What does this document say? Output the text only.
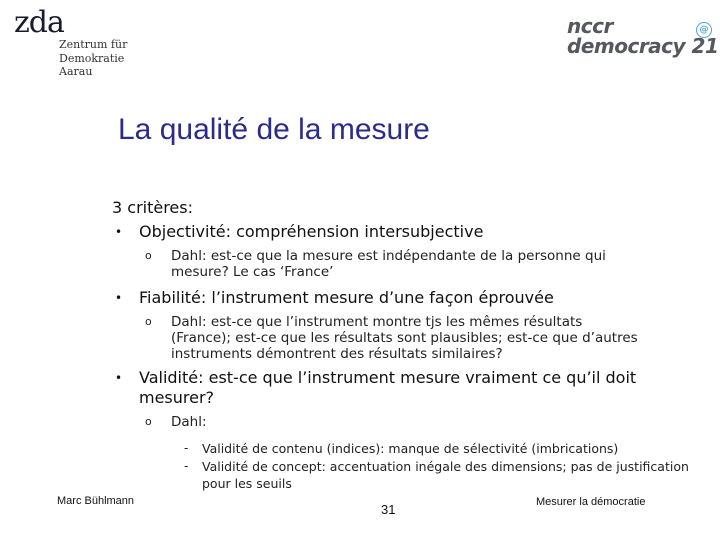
zda
Zentrum für
Demokratie
Aarau
nccr
democracy 21
@
La qualité de la mesure

3 critères:

• Objectivité: compréhension intersubjective
o Dahl: est-ce que la mesure est indépendante de la personne qui mesure? Le cas ‘France’
• Fiabilité: l’instrument mesure d’une façon éprouvée
o Dahl: est-ce que l’instrument montre tjs les mêmes résultats (France); est-ce que les résultats sont plausibles; est-ce que d’autres instruments démontrent des résultats similaires?
• Validité: est-ce que l’instrument mesure vraiment ce qu’il doit mesurer?
o Dahl:
- Validité de contenu (indices): manque de sélectivité (imbrications)
- Validité de concept: accentuation inégale des dimensions; pas de justification pour les seuils
Marc Bühlmann
31	Mesurer la démocratie
